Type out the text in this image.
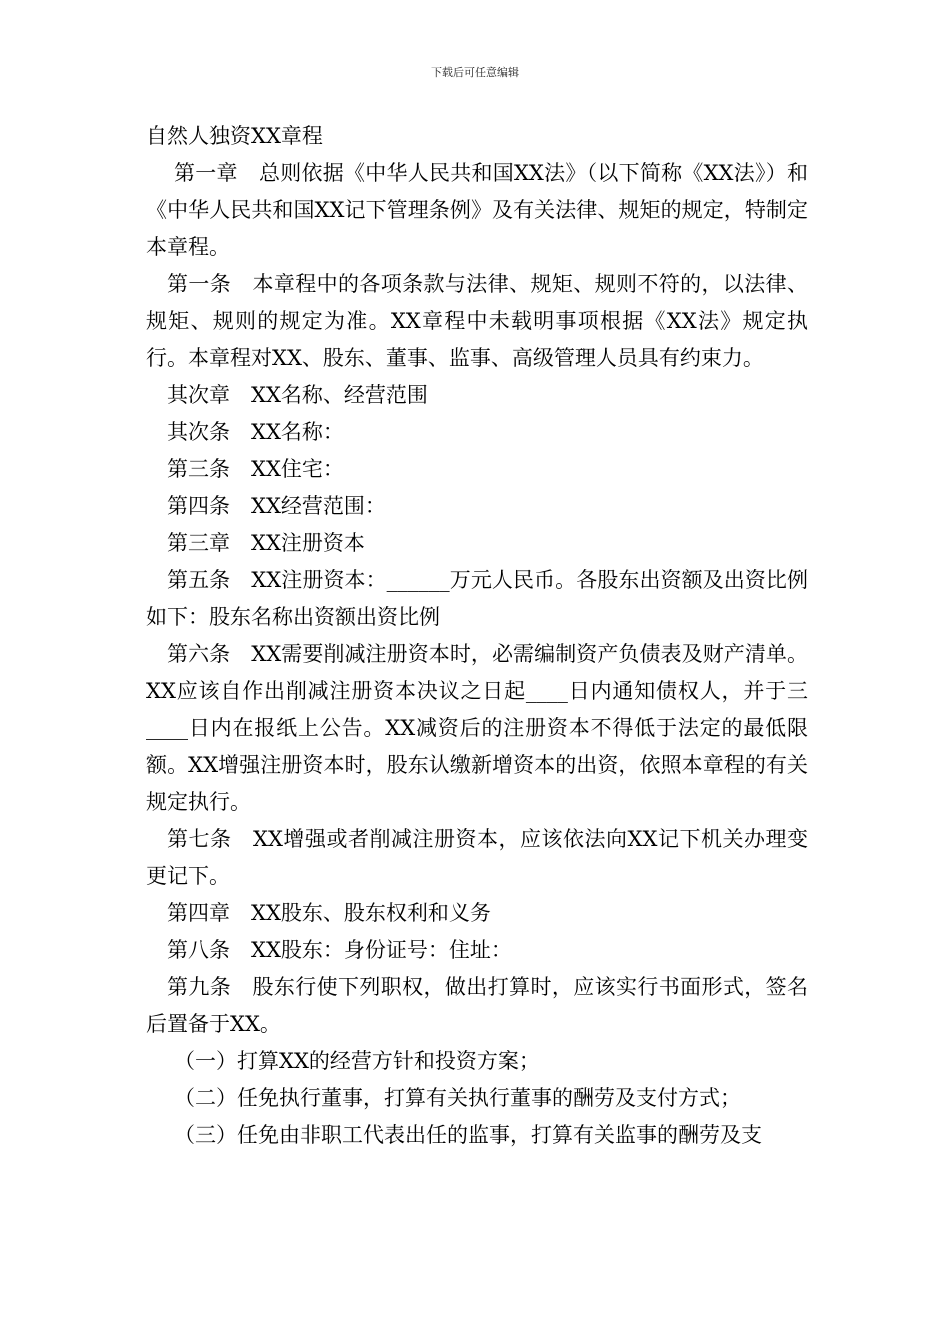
下载后可任意编辑

自然人独资XX章程

第一章　总则依据《中华人民共和国XX法》（以下简称《XX法》）和《中华人民共和国XX记下管理条例》及有关法律、规矩的规定，特制定本章程。

第一条　本章程中的各项条款与法律、规矩、规则不符的，以法律、规矩、规则的规定为准。XX章程中未载明事项根据《XX法》规定执行。本章程对XX、股东、董事、监事、高级管理人员具有约束力。

其次章　XX名称、经营范围

其次条　XX名称：

第三条　XX住宅：

第四条　XX经营范围：

第三章　XX注册资本

第五条　XX注册资本：______万元人民币。各股东出资额及出资比例如下：股东名称出资额出资比例

第六条　XX需要削减注册资本时，必需编制资产负债表及财产清单。XX应该自作出削减注册资本决议之日起____日内通知债权人，并于三____日内在报纸上公告。XX减资后的注册资本不得低于法定的最低限额。XX增强注册资本时，股东认缴新增资本的出资，依照本章程的有关规定执行。

第七条　XX增强或者削减注册资本，应该依法向XX记下机关办理变更记下。

第四章　XX股东、股东权利和义务

第八条　XX股东：身份证号：住址：

第九条　股东行使下列职权，做出打算时，应该实行书面形式，签名后置备于XX。

（一）打算XX的经营方针和投资方案；

（二）任免执行董事，打算有关执行董事的酬劳及支付方式；

（三）任免由非职工代表出任的监事，打算有关监事的酬劳及支
